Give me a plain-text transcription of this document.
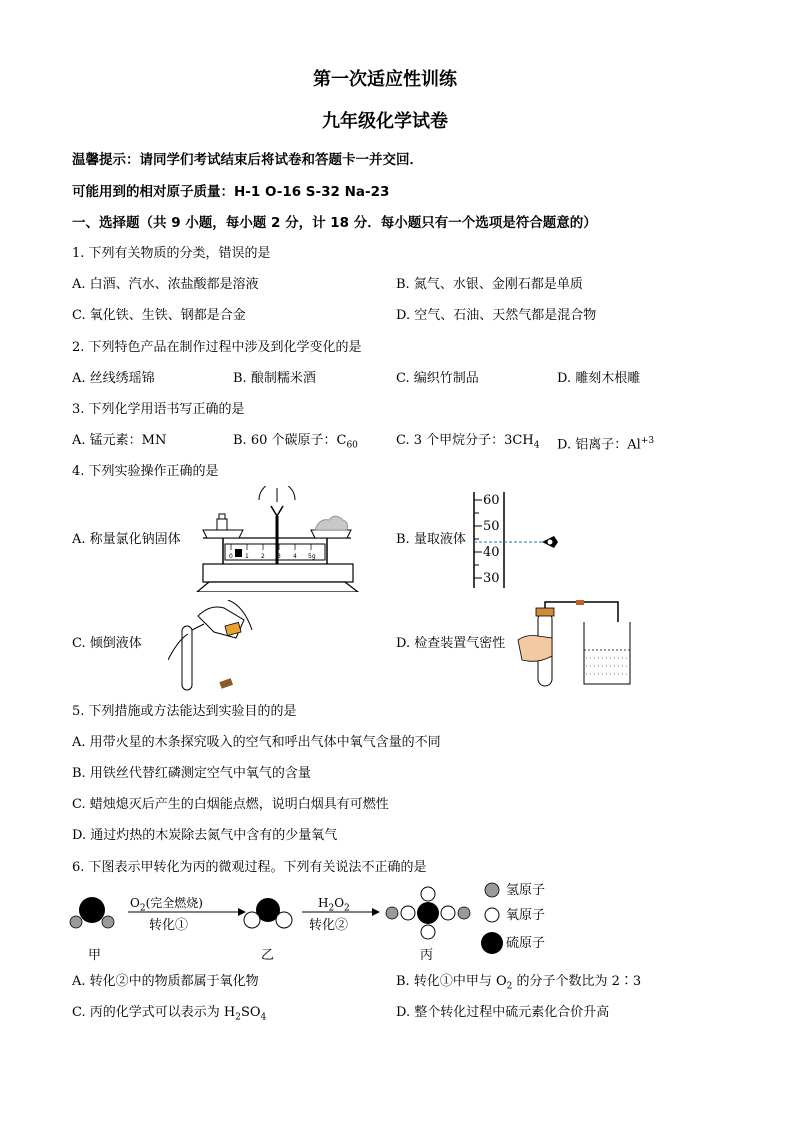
第一次适应性训练
九年级化学试卷
温馨提示：请同学们考试结束后将试卷和答题卡一并交回．
可能用到的相对原子质量：H-1 O-16 S-32 Na-23
一、选择题（共 9 小题，每小题 2 分，计 18 分．每小题只有一个选项是符合题意的）
1. 下列有关物质的分类，错误的是
A. 白酒、汽水、浓盐酸都是溶液	B. 氮气、水银、金刚石都是单质
C. 氧化铁、生铁、钢都是合金	D. 空气、石油、天然气都是混合物
2. 下列特色产品在制作过程中涉及到化学变化的是
A. 丝线绣瑶锦	B. 酿制糯米酒	C. 编织竹制品	D. 雕刻木根雕
3. 下列化学用语书写正确的是
A. 锰元素：MN	B. 60 个碳原子：$C_{60}$	C. 3 个甲烷分子：$3CH_4$ D. 铝离子：$Al^{+3}$
4. 下列实验操作正确的是
A. 称量氯化钠固体	B. 量取液体
C. 倾倒液体	D. 检查装置气密性
0 1 2 3 4 5g
60
50
40
30
5. 下列措施或方法能达到实验目的的是
A. 用带火星的木条探究吸入的空气和呼出气体中氧气含量的不同
B. 用铁丝代替红磷测定空气中氧气的含量
C. 蜡烛熄灭后产生的白烟能点燃，说明白烟具有可燃性
D. 通过灼热的木炭除去氮气中含有的少量氧气
6. 下图表示甲转化为丙的微观过程。下列有关说法不正确的是
$O_2$(完全燃烧)
转化①
$H_2O_2$
转化②
甲	乙	丙
氢原子
氧原子
硫原子
A. 转化②中的物质都属于氧化物	B. 转化①中甲与 $O_2$ 的分子个数比为 2∶3
C. 丙的化学式可以表示为 $H_2SO_4$	D. 整个转化过程中硫元素化合价升高
